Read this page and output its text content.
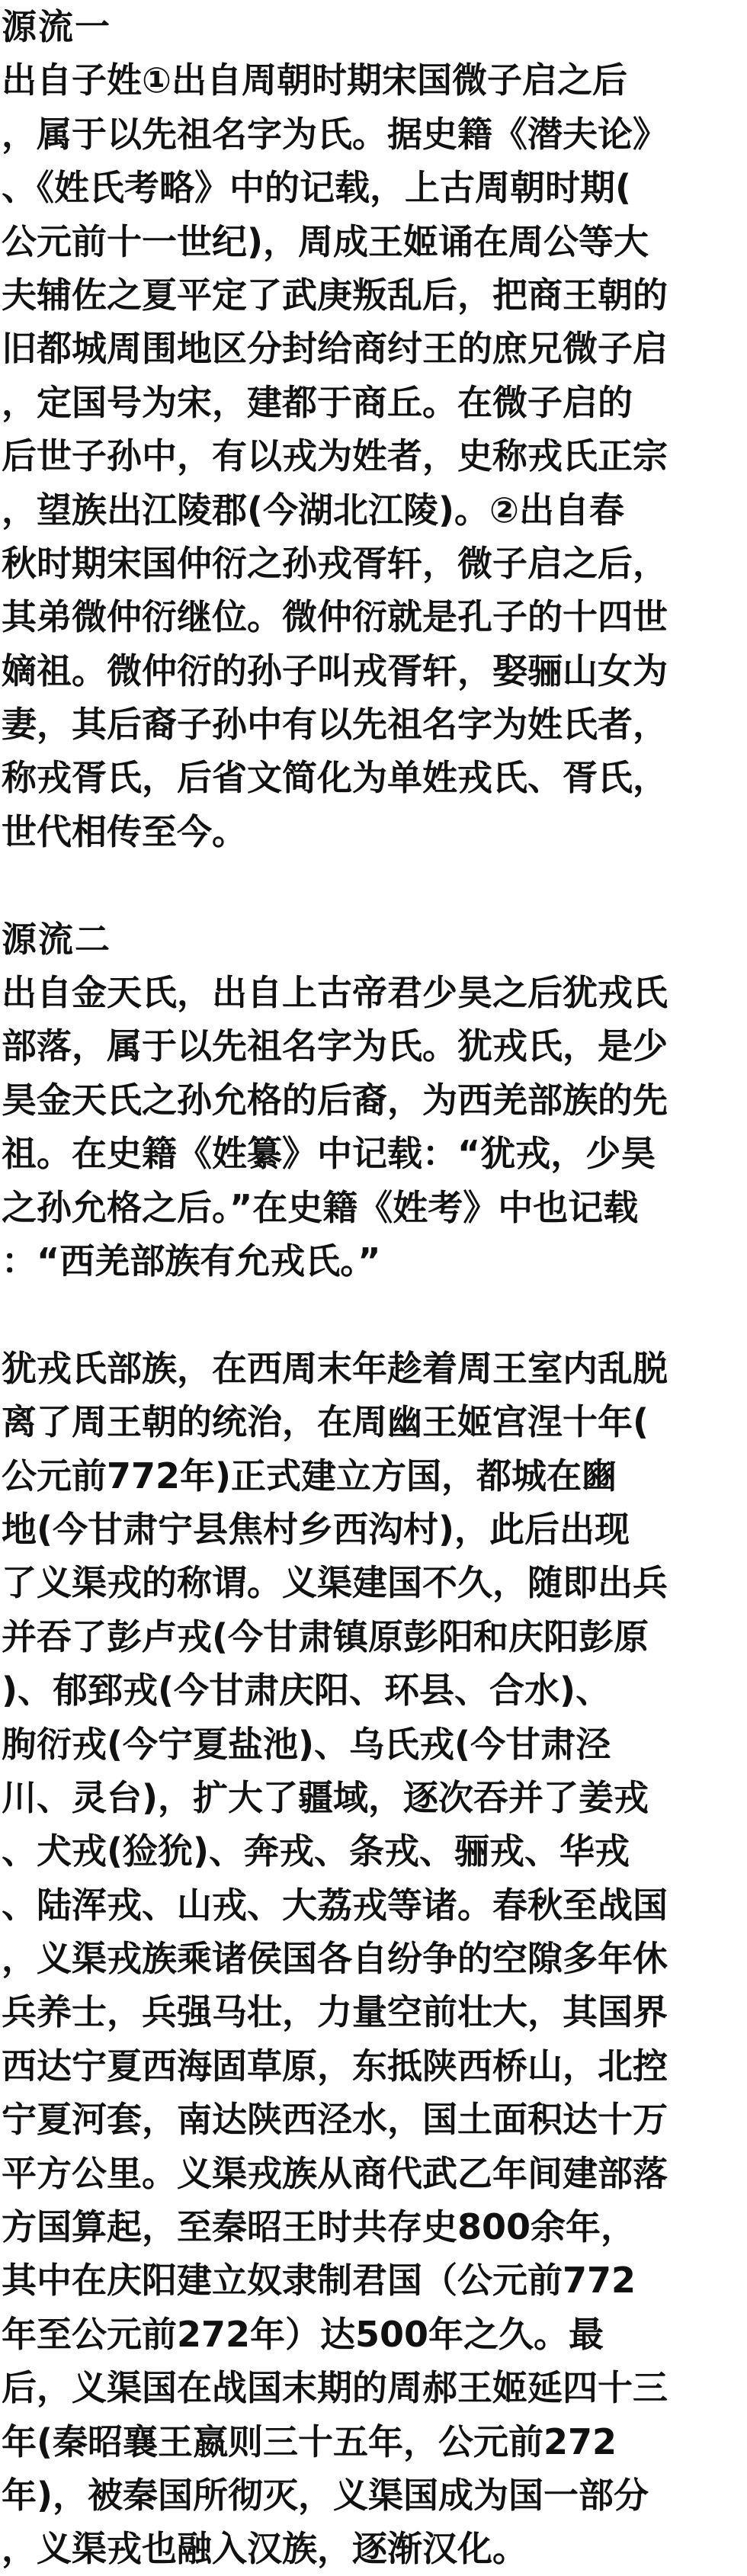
源流一
出自子姓①出自周朝时期宋国微子启之后
，属于以先祖名字为氏。据史籍《潜夫论》
、《姓氏考略》中的记载，上古周朝时期(
公元前十一世纪)，周成王姬诵在周公等大
夫辅佐之夏平定了武庚叛乱后，把商王朝的
旧都城周围地区分封给商纣王的庶兄微子启
，定国号为宋，建都于商丘。在微子启的
后世子孙中，有以戎为姓者，史称戎氏正宗
，望族出江陵郡(今湖北江陵)。②出自春
秋时期宋国仲衍之孙戎胥轩，微子启之后，
其弟微仲衍继位。微仲衍就是孔子的十四世
嫡祖。微仲衍的孙子叫戎胥轩，娶骊山女为
妻，其后裔子孙中有以先祖名字为姓氏者，
称戎胥氏，后省文简化为单姓戎氏、胥氏，
世代相传至今。
源流二
出自金天氏，出自上古帝君少昊之后犹戎氏
部落，属于以先祖名字为氏。犹戎氏，是少
昊金天氏之孙允格的后裔，为西羌部族的先
祖。在史籍《姓纂》中记载：“犹戎，少昊
之孙允格之后。”在史籍《姓考》中也记载
：“西羌部族有允戎氏。”
犹戎氏部族，在西周末年趁着周王室内乱脱
离了周王朝的统治，在周幽王姬宫涅十年(
公元前772年)正式建立方国，都城在豳
地(今甘肃宁县焦村乡西沟村)，此后出现
了义渠戎的称谓。义渠建国不久，随即出兵
并吞了彭卢戎(今甘肃镇原彭阳和庆阳彭原
)、郁郅戎(今甘肃庆阳、环县、合水)、
朐衍戎(今宁夏盐池)、乌氏戎(今甘肃泾
川、灵台)，扩大了疆域，逐次吞并了姜戎
、犬戎(猃狁)、奔戎、条戎、骊戎、华戎
、陆浑戎、山戎、大荔戎等诸。春秋至战国
，义渠戎族乘诸侯国各自纷争的空隙多年休
兵养士，兵强马壮，力量空前壮大，其国界
西达宁夏西海固草原，东抵陕西桥山，北控
宁夏河套，南达陕西泾水，国土面积达十万
平方公里。义渠戎族从商代武乙年间建部落
方国算起，至秦昭王时共存史800余年，
其中在庆阳建立奴隶制君国（公元前772
年至公元前272年）达500年之久。最
后，义渠国在战国末期的周郝王姬延四十三
年(秦昭襄王嬴则三十五年，公元前272
年)，被秦国所彻灭，义渠国成为国一部分
，义渠戎也融入汉族，逐渐汉化。
